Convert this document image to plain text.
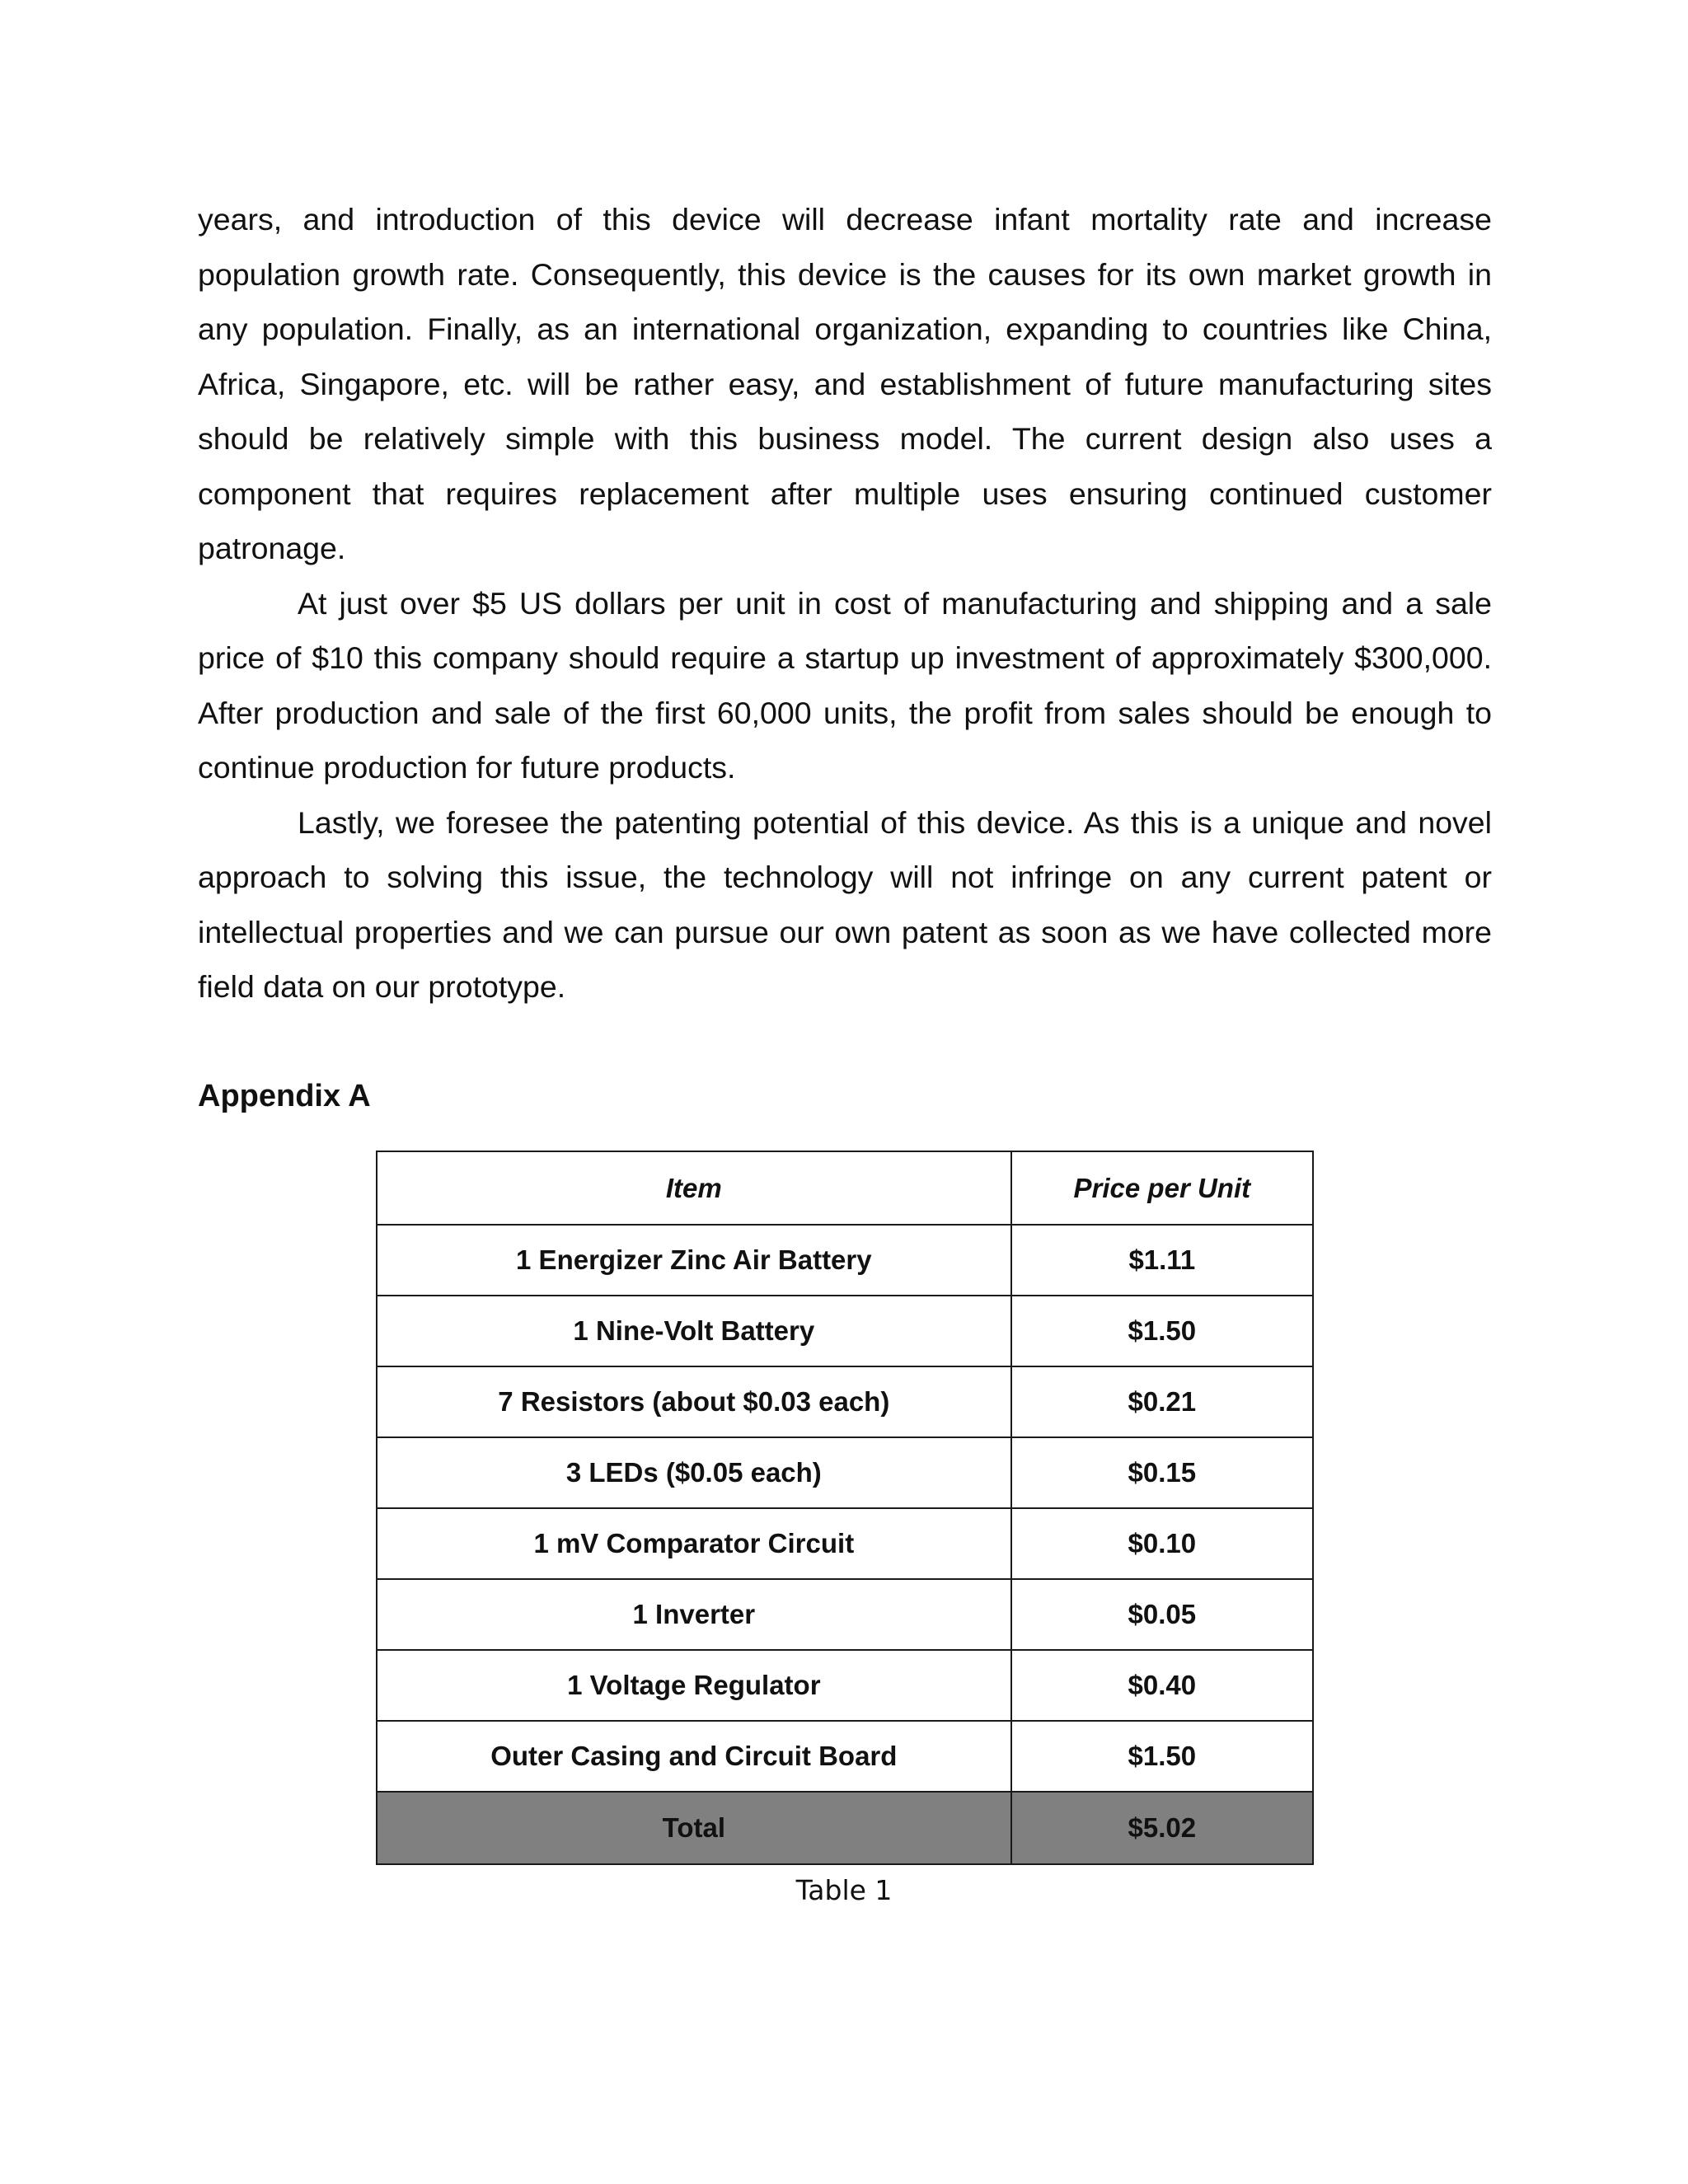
years, and introduction of this device will decrease infant mortality rate and increase population growth rate. Consequently, this device is the causes for its own market growth in any population. Finally, as an international organization, expanding to countries like China, Africa, Singapore, etc. will be rather easy, and establishment of future manufacturing sites should be relatively simple with this business model. The current design also uses a component that requires replacement after multiple uses ensuring continued customer patronage.

At just over $5 US dollars per unit in cost of manufacturing and shipping and a sale price of $10 this company should require a startup up investment of approximately $300,000. After production and sale of the first 60,000 units, the profit from sales should be enough to continue production for future products.

Lastly, we foresee the patenting potential of this device. As this is a unique and novel approach to solving this issue, the technology will not infringe on any current patent or intellectual properties and we can pursue our own patent as soon as we have collected more field data on our prototype.

Appendix A
Item	Price per Unit
1 Energizer Zinc Air Battery	$1.11
1 Nine-Volt Battery	$1.50
7 Resistors (about $0.03 each)	$0.21
3 LEDs ($0.05 each)	$0.15
1 mV Comparator Circuit	$0.10
1 Inverter	$0.05
1 Voltage Regulator	$0.40
Outer Casing and Circuit Board	$1.50
Total	$5.02
Table 1
